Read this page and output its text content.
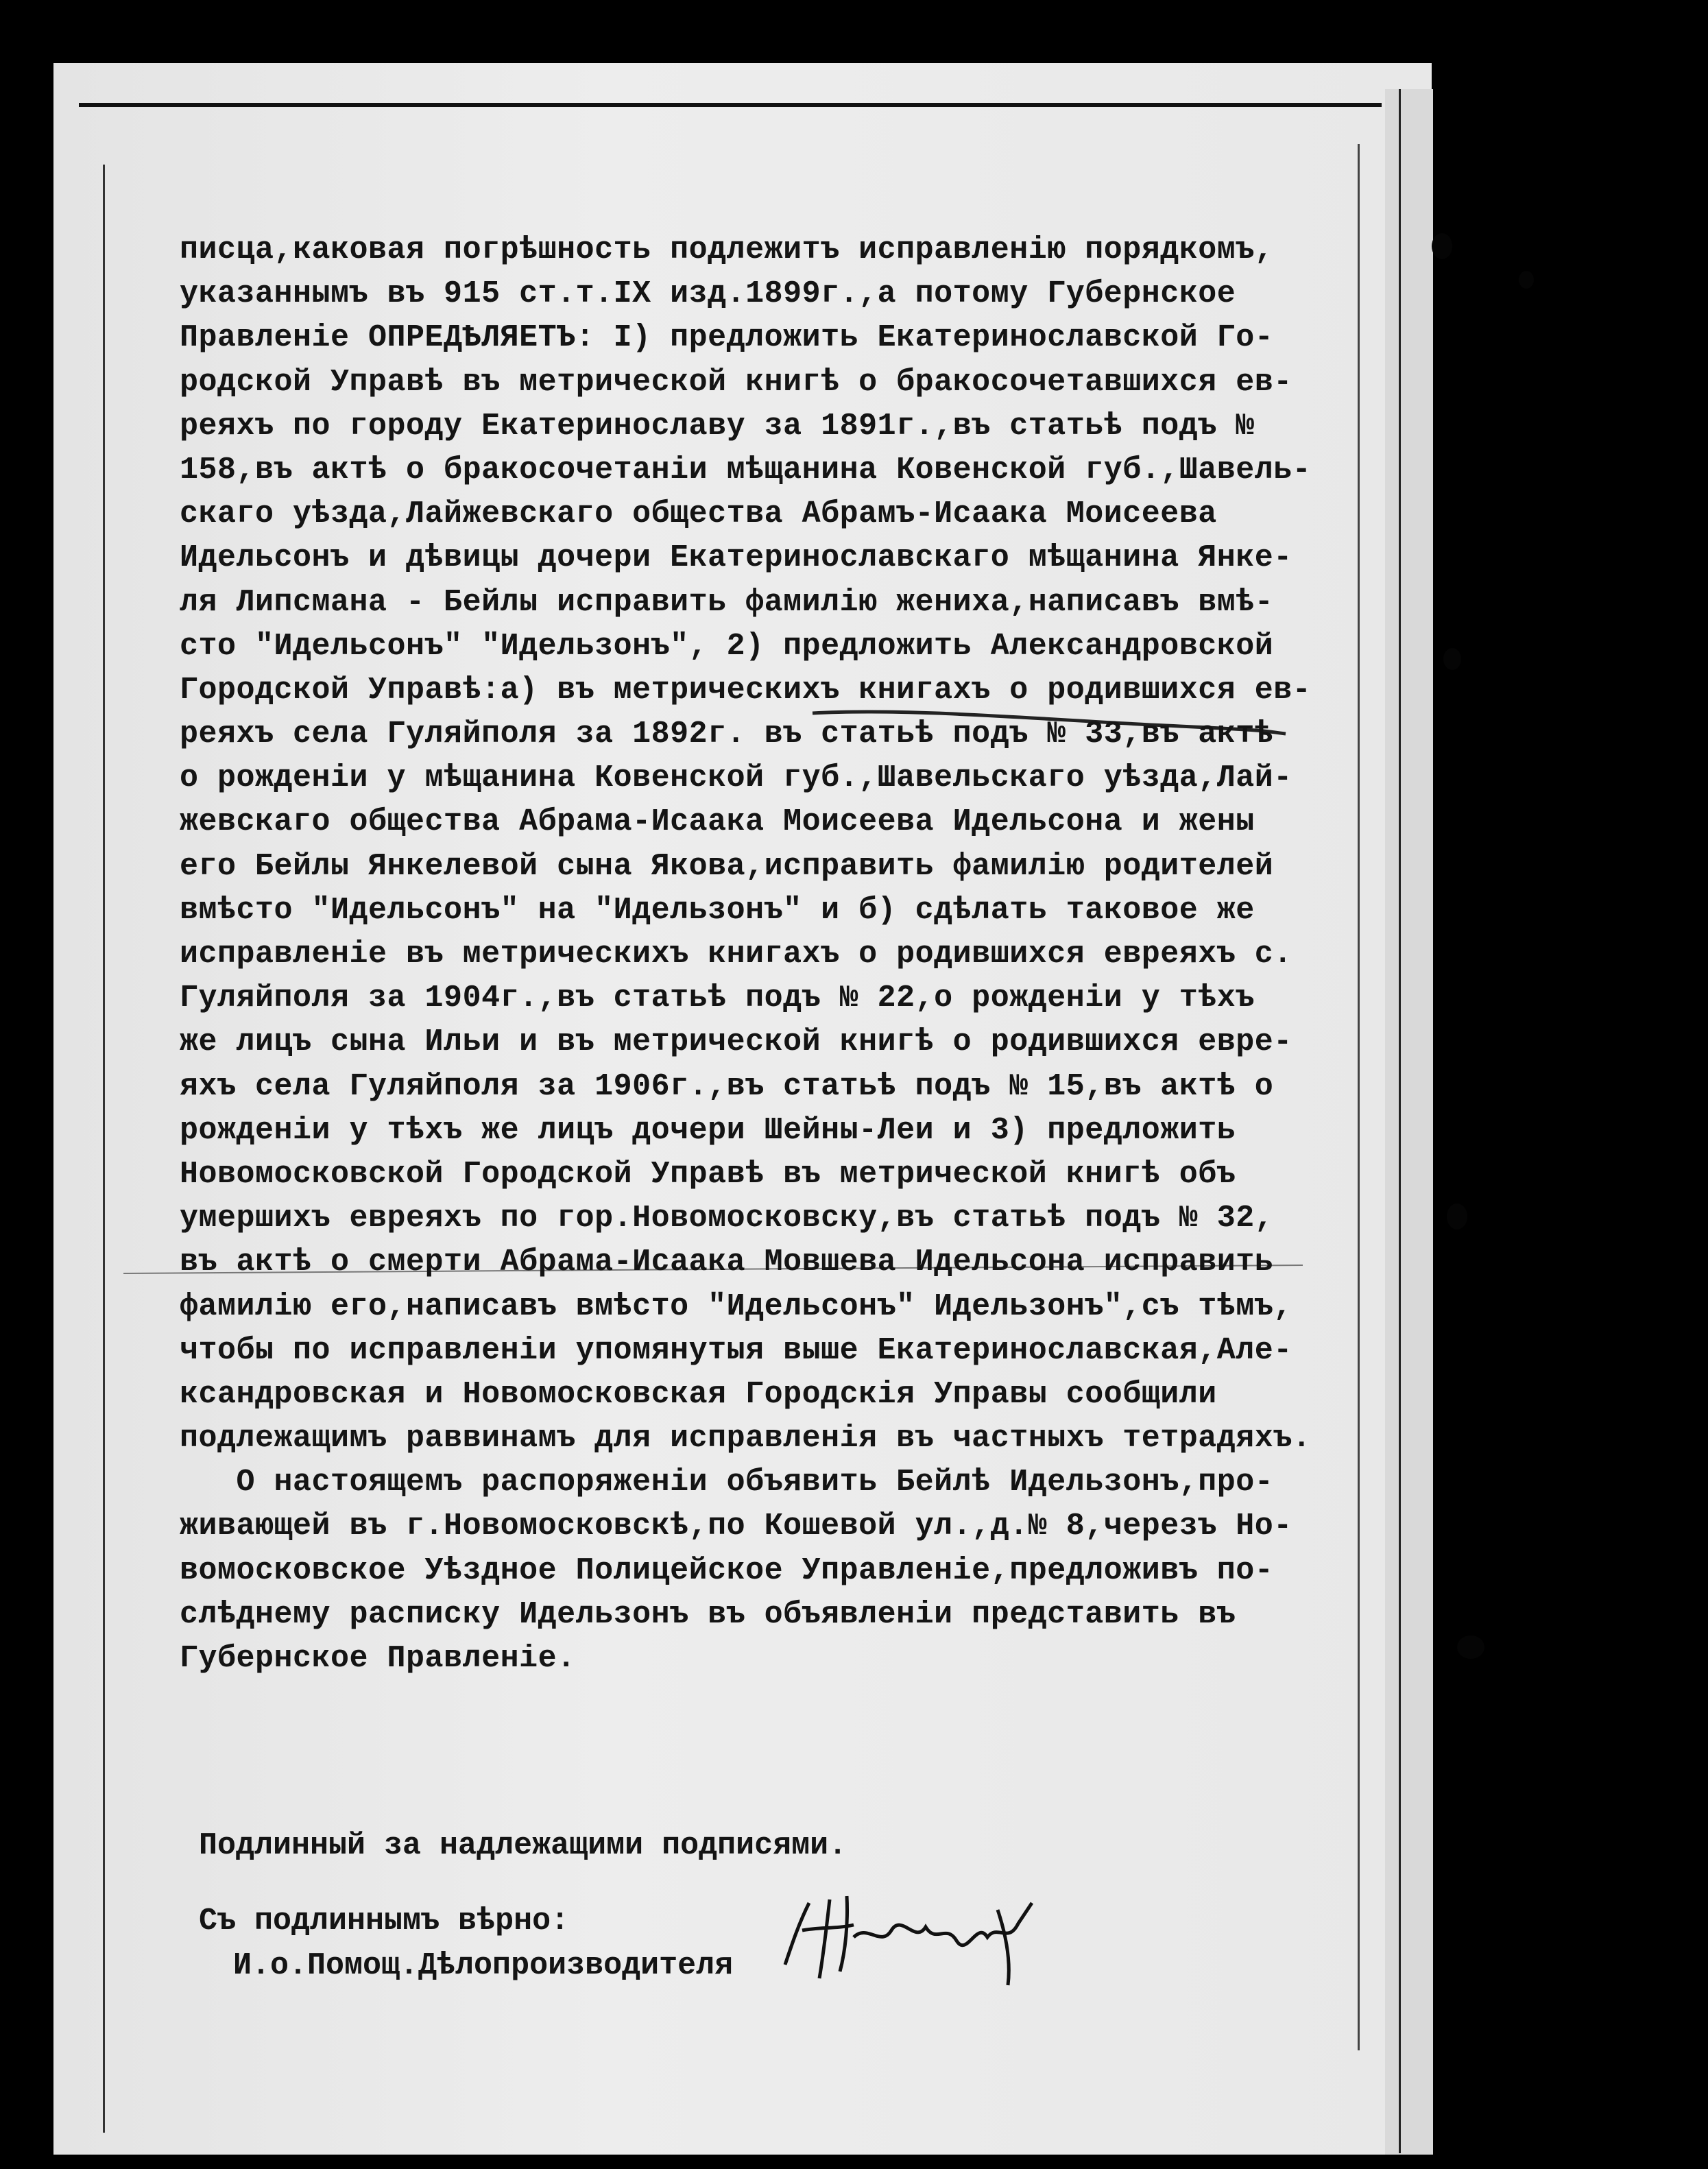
писца,каковая погрѣшность подлежитъ исправленію порядкомъ,
указаннымъ въ 915 ст.т.IX изд.1899г.,а потому Губернское
Правленіе ОПРЕДѢЛЯЕТЪ: I) предложить Екатеринославской Го-
родской Управѣ въ метрической книгѣ о бракосочетавшихся ев-
реяхъ по городу Екатеринославу за 1891г.,въ статьѣ подъ №
158,въ актѣ о бракосочетаніи мѣщанина Ковенской губ.,Шавель-
скаго уѣзда,Лайжевскаго общества Абрамъ-Исаака Моисеева
Идельсонъ и дѣвицы дочери Екатеринославскаго мѣщанина Янке-
ля Липсмана - Бейлы исправить фамилію жениха,написавъ вмѣ-
сто "Идельсонъ" "Идельзонъ", 2) предложить Александровской
Городской Управѣ:а) въ метрическихъ книгахъ о родившихся ев-
реяхъ села Гуляйполя за 1892г. въ статьѣ подъ № 33,въ актѣ
о рожденіи у мѣщанина Ковенской губ.,Шавельскаго уѣзда,Лай-
жевскаго общества Абрама-Исаака Моисеева Идельсона и жены
его Бейлы Янкелевой сына Якова,исправить фамилію родителей
вмѣсто "Идельсонъ" на "Идельзонъ" и б) сдѣлать таковое же
исправленіе въ метрическихъ книгахъ о родившихся евреяхъ с.
Гуляйполя за 1904г.,въ статьѣ подъ № 22,о рожденіи у тѣхъ
же лицъ сына Ильи и въ метрической книгѣ о родившихся евре-
яхъ села Гуляйполя за 1906г.,въ статьѣ подъ № 15,въ актѣ о
рожденіи у тѣхъ же лицъ дочери Шейны-Леи и 3) предложить
Новомосковской Городской Управѣ въ метрической книгѣ объ
умершихъ евреяхъ по гор.Новомосковску,въ статьѣ подъ № 32,
въ актѣ о смерти Абрама-Исаака Мовшева Идельсона исправить
фамилію его,написавъ вмѣсто "Идельсонъ" Идельзонъ",съ тѣмъ,
чтобы по исправленіи упомянутыя выше Екатеринославская,Але-
ксандровская и Новомосковская Городскія Управы сообщили
подлежащимъ раввинамъ для исправленія въ частныхъ тетрадяхъ.
О настоящемъ распоряженіи объявить Бейлѣ Идельзонъ,про-
живающей въ г.Новомосковскѣ,по Кошевой ул.,д.№ 8,черезъ Но-
вомосковское Уѣздное Полицейское Управленіе,предложивъ по-
слѣднему расписку Идельзонъ въ объявленіи представить въ
Губернское Правленіе.
Подлинный за надлежащими подписями.
Съ подлиннымъ вѣрно:
И.о.Помощ.Дѣлопроизводителя
